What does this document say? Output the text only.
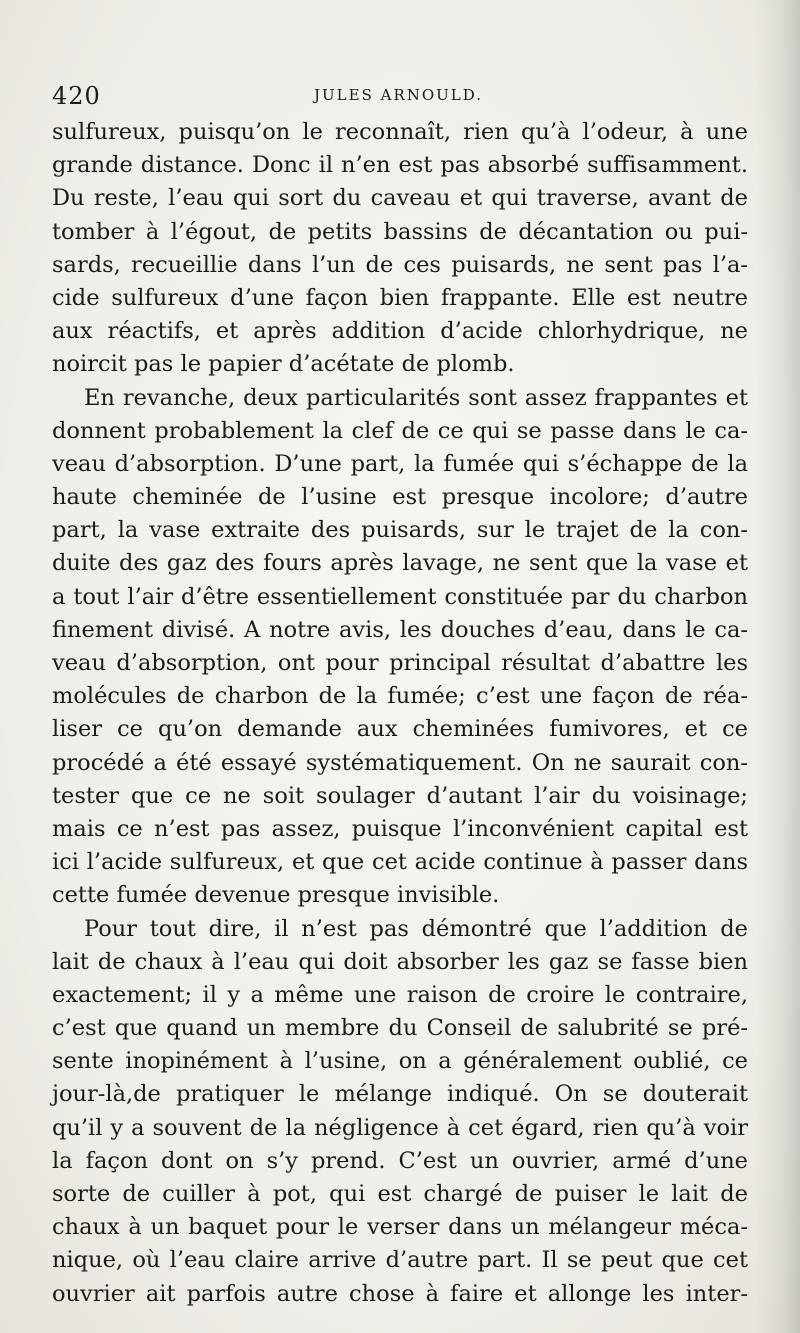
420	JULES ARNOULD.
sulfureux, puisqu’on le reconnaît, rien qu’à l’odeur, à une
grande distance. Donc il n’en est pas absorbé suffisamment.
Du reste, l’eau qui sort du caveau et qui traverse, avant de
tomber à l’égout, de petits bassins de décantation ou pui-
sards, recueillie dans l’un de ces puisards, ne sent pas l’a-
cide sulfureux d’une façon bien frappante. Elle est neutre
aux réactifs, et après addition d’acide chlorhydrique, ne
noircit pas le papier d’acétate de plomb.
En revanche, deux particularités sont assez frappantes et
donnent probablement la clef de ce qui se passe dans le ca-
veau d’absorption. D’une part, la fumée qui s’échappe de la
haute cheminée de l’usine est presque incolore; d’autre
part, la vase extraite des puisards, sur le trajet de la con-
duite des gaz des fours après lavage, ne sent que la vase et
a tout l’air d’être essentiellement constituée par du charbon
finement divisé. A notre avis, les douches d’eau, dans le ca-
veau d’absorption, ont pour principal résultat d’abattre les
molécules de charbon de la fumée; c’est une façon de réa-
liser ce qu’on demande aux cheminées fumivores, et ce
procédé a été essayé systématiquement. On ne saurait con-
tester que ce ne soit soulager d’autant l’air du voisinage;
mais ce n’est pas assez, puisque l’inconvénient capital est
ici l’acide sulfureux, et que cet acide continue à passer dans
cette fumée devenue presque invisible.
Pour tout dire, il n’est pas démontré que l’addition de
lait de chaux à l’eau qui doit absorber les gaz se fasse bien
exactement; il y a même une raison de croire le contraire,
c’est que quand un membre du Conseil de salubrité se pré-
sente inopinément à l’usine, on a généralement oublié, ce
jour-là,de pratiquer le mélange indiqué. On se douterait
qu’il y a souvent de la négligence à cet égard, rien qu’à voir
la façon dont on s’y prend. C’est un ouvrier, armé d’une
sorte de cuiller à pot, qui est chargé de puiser le lait de
chaux à un baquet pour le verser dans un mélangeur méca-
nique, où l’eau claire arrive d’autre part. Il se peut que cet
ouvrier ait parfois autre chose à faire et allonge les inter-
